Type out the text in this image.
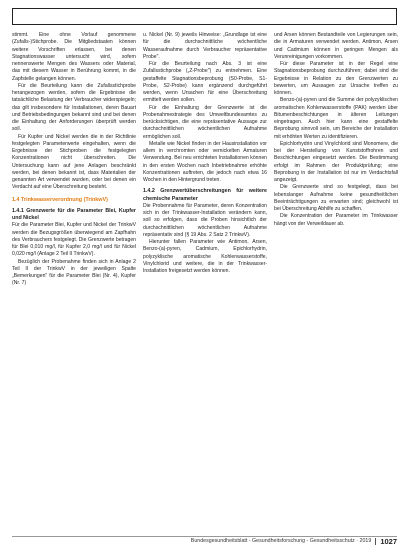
stimmt. Eine ohne Vorlauf genommene (Zufalls-)Stichprobe. Die Mitgliedstaaten können weitere Vorschriften erlassen, bei denen Stagnationswasser untersucht wird, sofern nennenswerte Mengen des Wassers oder Material, das mit diesem Wasser in Berührung kommt, in die Zapfstelle gelangen können.

Für die Beurteilung kann die Zufallsstichprobe herangezogen werden, sofern die Ergebnisse die tatsächliche Belastung der Verbraucher widerspiegeln; das gilt insbesondere für Installationen, deren Bauart und Betriebsbedingungen bekannt sind und bei denen die Einhaltung der Anforderungen überprüft werden soll.

Für Kupfer und Nickel werden die in der Richtlinie festgelegten Parameterwerte eingehalten, wenn die Ergebnisse der Stichproben die festgelegten Konzentrationen nicht überschreiten. Die Untersuchung kann auf jene Anlagen beschränkt werden, bei denen bekannt ist, dass Materialien der genannten Art verwendet wurden, oder bei denen ein Verdacht auf eine Überschreitung besteht.

1.4 Trinkwasserverordnung (TrinkwV)
1.4.1 Grenzwerte für die Parameter Blei, Kupfer und Nickel

Für die Parameter Blei, Kupfer und Nickel der TrinkwV werden die Bezugsgrößen überwiegend am Zapfhahn des Verbrauchers festgelegt. Die Grenzwerte betragen für Blei 0,010 mg/l, für Kupfer 2,0 mg/l und für Nickel 0,020 mg/l (Anlage 2 Teil II TrinkwV).

Bezüglich der Probenahme finden sich in Anlage 2 Teil II der TrinkwV in der jeweiligen Spalte „Bemerkungen" für die Parameter Blei (Nr. 4), Kupfer (Nr. 7)

u. Nickel (Nr. 9) jeweils Hinweise: „Grundlage ist eine für die durchschnittliche wöchentliche Wasseraufnahme durch Verbraucher repräsentative Probe".

Für die Beurteilung nach Abs. 3 ist eine Zufallsstichprobe („Z-Probe") zu entnehmen. Eine gestaffelte Stagnationsbeprobung (S0-Probe, S1-Probe, S2-Probe) kann ergänzend durchgeführt werden, wenn Ursachen für eine Überschreitung ermittelt werden sollen.

Für die Einhaltung der Grenzwerte ist die Probenahmestrategie des Umweltbundesamtes zu berücksichtigen, die eine repräsentative Aussage zur durchschnittlichen wöchentlichen Aufnahme ermöglichen soll.

Metalle wie Nickel finden in der Hausinstallation vor allem in verchromten oder vernickelten Armaturen Verwendung. Bei neu errichteten Installationen können in den ersten Wochen nach Inbetriebnahme erhöhte Konzentrationen auftreten, die jedoch nach etwa 16 Wochen in den Hintergrund treten.

1.4.2 Grenzwertüberschreitungen für weitere chemische Parameter

Die Probennahme für Parameter, deren Konzentration sich in der Trinkwasser-Installation verändern kann, soll so erfolgen, dass die Proben hinsichtlich der durchschnittlichen wöchentlichen Aufnahme repräsentativ sind (§ 19 Abs. 2 Satz 2 TrinkwV).

Hierunter fallen Parameter wie Antimon, Arsen, Benzo-(a)-pyren, Cadmium, Epichlorhydrin, polyzyklische aromatische Kohlenwasserstoffe, Vinylchlorid und weitere, die in der Trinkwasser-Installation freigesetzt werden können.

und Arsen können Bestandteile von Legierungen sein, die in Armaturen verwendet werden. Antimon, Arsen und Cadmium können in geringen Mengen als Verunreinigungen vorkommen.

Für diese Parameter ist in der Regel eine Stagnationsbeprobung durchzuführen; dabei sind die Ergebnisse in Relation zu den Grenzwerten zu bewerten, um Aussagen zur Ursache treffen zu können.

Benzo-(a)-pyren und die Summe der polyzyklischen aromatischen Kohlenwasserstoffe (PAK) werden über Bitumenbeschichtungen in älteren Leitungen eingetragen. Auch hier kann eine gestaffelte Beprobung sinnvoll sein, um Bereiche der Installation mit erhöhten Werten zu identifizieren.

Epichlorhydrin und Vinylchlorid sind Monomere, die bei der Herstellung von Kunststoffrohren und Beschichtungen eingesetzt werden. Die Bestimmung erfolgt im Rahmen der Produktprüfung; eine Beprobung in der Installation ist nur im Verdachtsfall angezeigt.

Die Grenzwerte sind so festgelegt, dass bei lebenslanger Aufnahme keine gesundheitlichen Beeinträchtigungen zu erwarten sind; gleichwohl ist bei Überschreitung Abhilfe zu schaffen.

Die Konzentration der Parameter im Trinkwasser hängt von der Verweildauer ab.

Bundesgesundheitsblatt - Gesundheitsforschung - Gesundheitsschutz · 2019 1027
